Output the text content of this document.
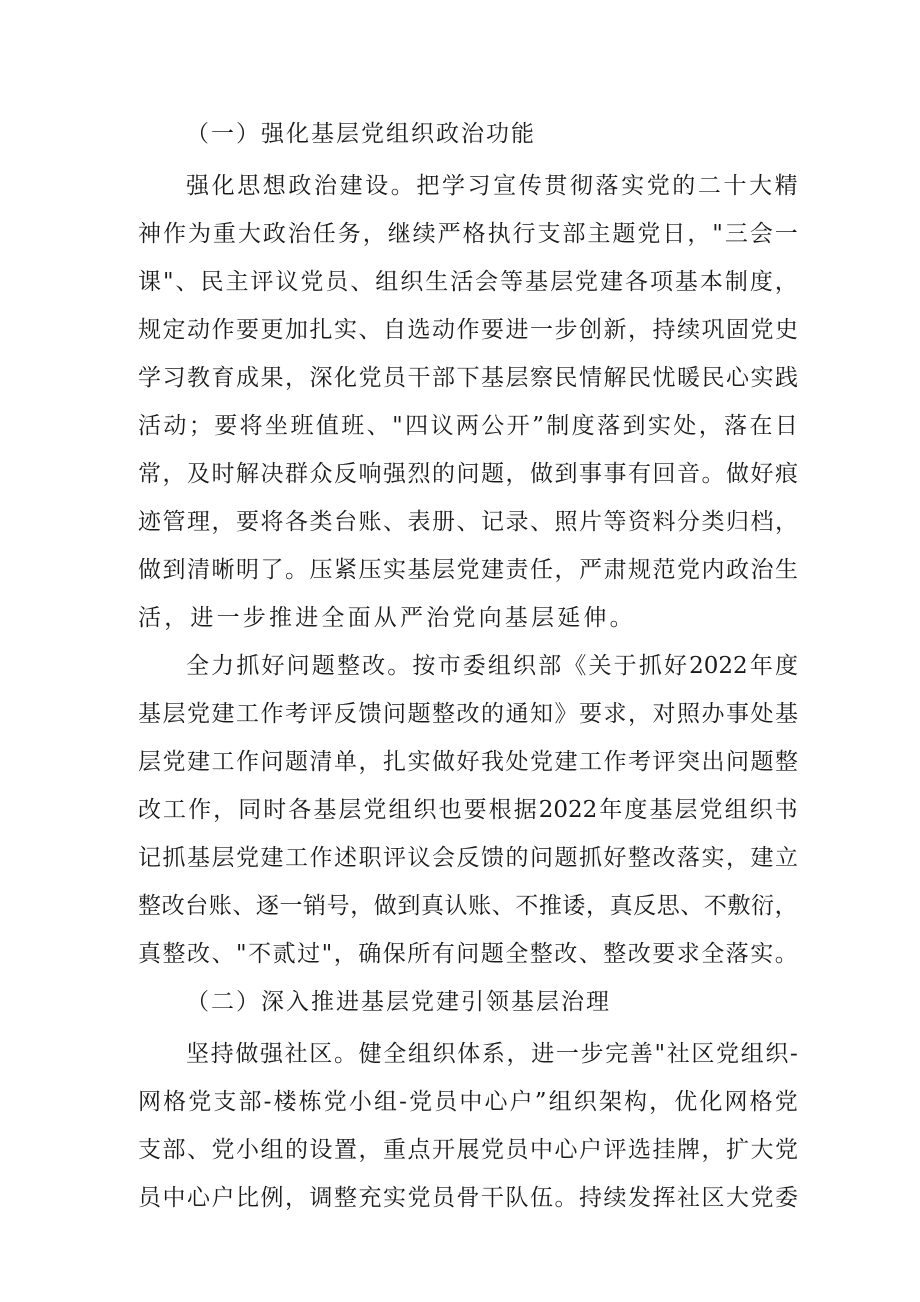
（一）强化基层党组织政治功能
强 化 思 想 政 治 建 设 。 把 学 习 宣 传 贯 彻 落 实 党 的 二 十 大 精
神 作 为 重 大 政 治 任 务 ， 继 续 严 格 执 行 支 部 主 题 党 日 ， " 三 会 一
课 " 、 民 主 评 议 党 员 、 组 织 生 活 会 等 基 层 党 建 各 项 基 本 制 度 ，
规 定 动 作 要 更 加 扎 实 、 自 选 动 作 要 进 一 步 创 新 ， 持 续 巩 固 党 史
学 习 教 育 成 果 ， 深 化 党 员 干 部 下 基 层 察 民 情 解 民 忧 暖 民 心 实 践
活 动 ； 要 将 坐 班 值 班 、 " 四 议 两 公 开 ” 制 度 落 到 实 处 ， 落 在 日
常 ， 及 时 解 决 群 众 反 响 强 烈 的 问 题 ， 做 到 事 事 有 回 音 。 做 好 痕
迹 管 理 ， 要 将 各 类 台 账 、 表 册 、 记 录 、 照 片 等 资 料 分 类 归 档 ，
做 到 清 晰 明 了 。 压 紧 压 实 基 层 党 建 责 任 ， 严 肃 规 范 党 内 政 治 生
活，进一步推进全面从严治党向基层延伸。
全 力 抓 好 问 题 整 改 。 按 市 委 组 织 部 《 关 于 抓 好 2022 年 度
基 层 党 建 工 作 考 评 反 馈 问 题 整 改 的 通 知 》 要 求 ， 对 照 办 事 处 基
层 党 建 工 作 问 题 清 单 ， 扎 实 做 好 我 处 党 建 工 作 考 评 突 出 问 题 整
改 工 作 ， 同 时 各 基 层 党 组 织 也 要 根 据 2022 年 度 基 层 党 组 织 书
记 抓 基 层 党 建 工 作 述 职 评 议 会 反 馈 的 问 题 抓 好 整 改 落 实 ， 建 立
整 改 台 账 、 逐 一 销 号 ， 做 到 真 认 账 、 不 推 诿 ， 真 反 思 、 不 敷 衍 ，
真 整 改 、 " 不 贰 过 " ， 确 保 所 有 问 题 全 整 改 、 整 改 要 求 全 落 实 。
（二）深入推进基层党建引领基层治理
坚 持 做 强 社 区 。 健 全 组 织 体 系 ， 进 一 步 完 善 " 社 区 党 组 织 -
网 格 党 支 部 - 楼 栋 党 小 组 - 党 员 中 心 户 ” 组 织 架 构 ， 优 化 网 格 党
支 部 、 党 小 组 的 设 置 ， 重 点 开 展 党 员 中 心 户 评 选 挂 牌 ， 扩 大 党
员 中 心 户 比 例 ， 调 整 充 实 党 员 骨 干 队 伍 。 持 续 发 挥 社 区 大 党 委
